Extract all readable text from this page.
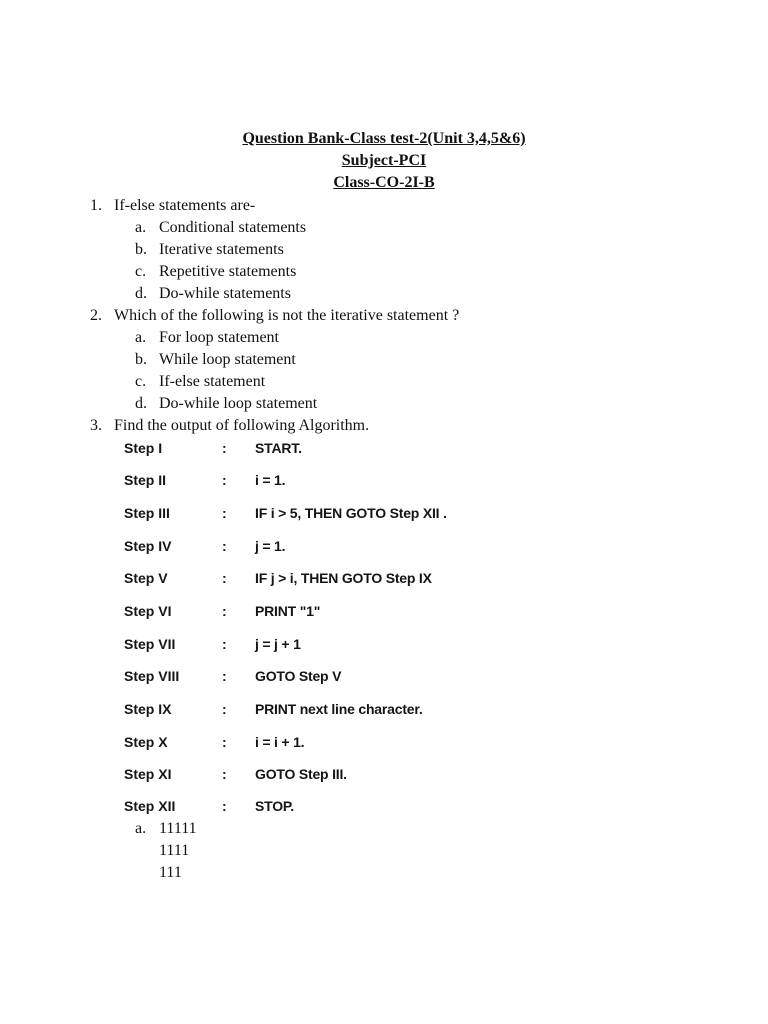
Question Bank-Class test-2(Unit 3,4,5&6)
Subject-PCI
Class-CO-2I-B
1. If-else statements are-
a. Conditional statements
b. Iterative statements
c. Repetitive statements
d. Do-while statements
2. Which of the following is not the iterative statement ?
a. For loop statement
b. While loop statement
c. If-else statement
d. Do-while loop statement
3. Find the output of following Algorithm.
Step I	:	START.
Step II	:	i = 1.
Step III	:	IF i > 5, THEN GOTO Step XII .
Step IV	:	j = 1.
Step V	:	IF j > i, THEN GOTO Step IX
Step VI	:	PRINT "1"
Step VII	:	j = j + 1
Step VIII	:	GOTO Step V
Step IX	:	PRINT next line character.
Step X	:	i = i + 1.
Step XI	:	GOTO Step III.
Step XII	:	STOP.
a. 11111
1111
111
